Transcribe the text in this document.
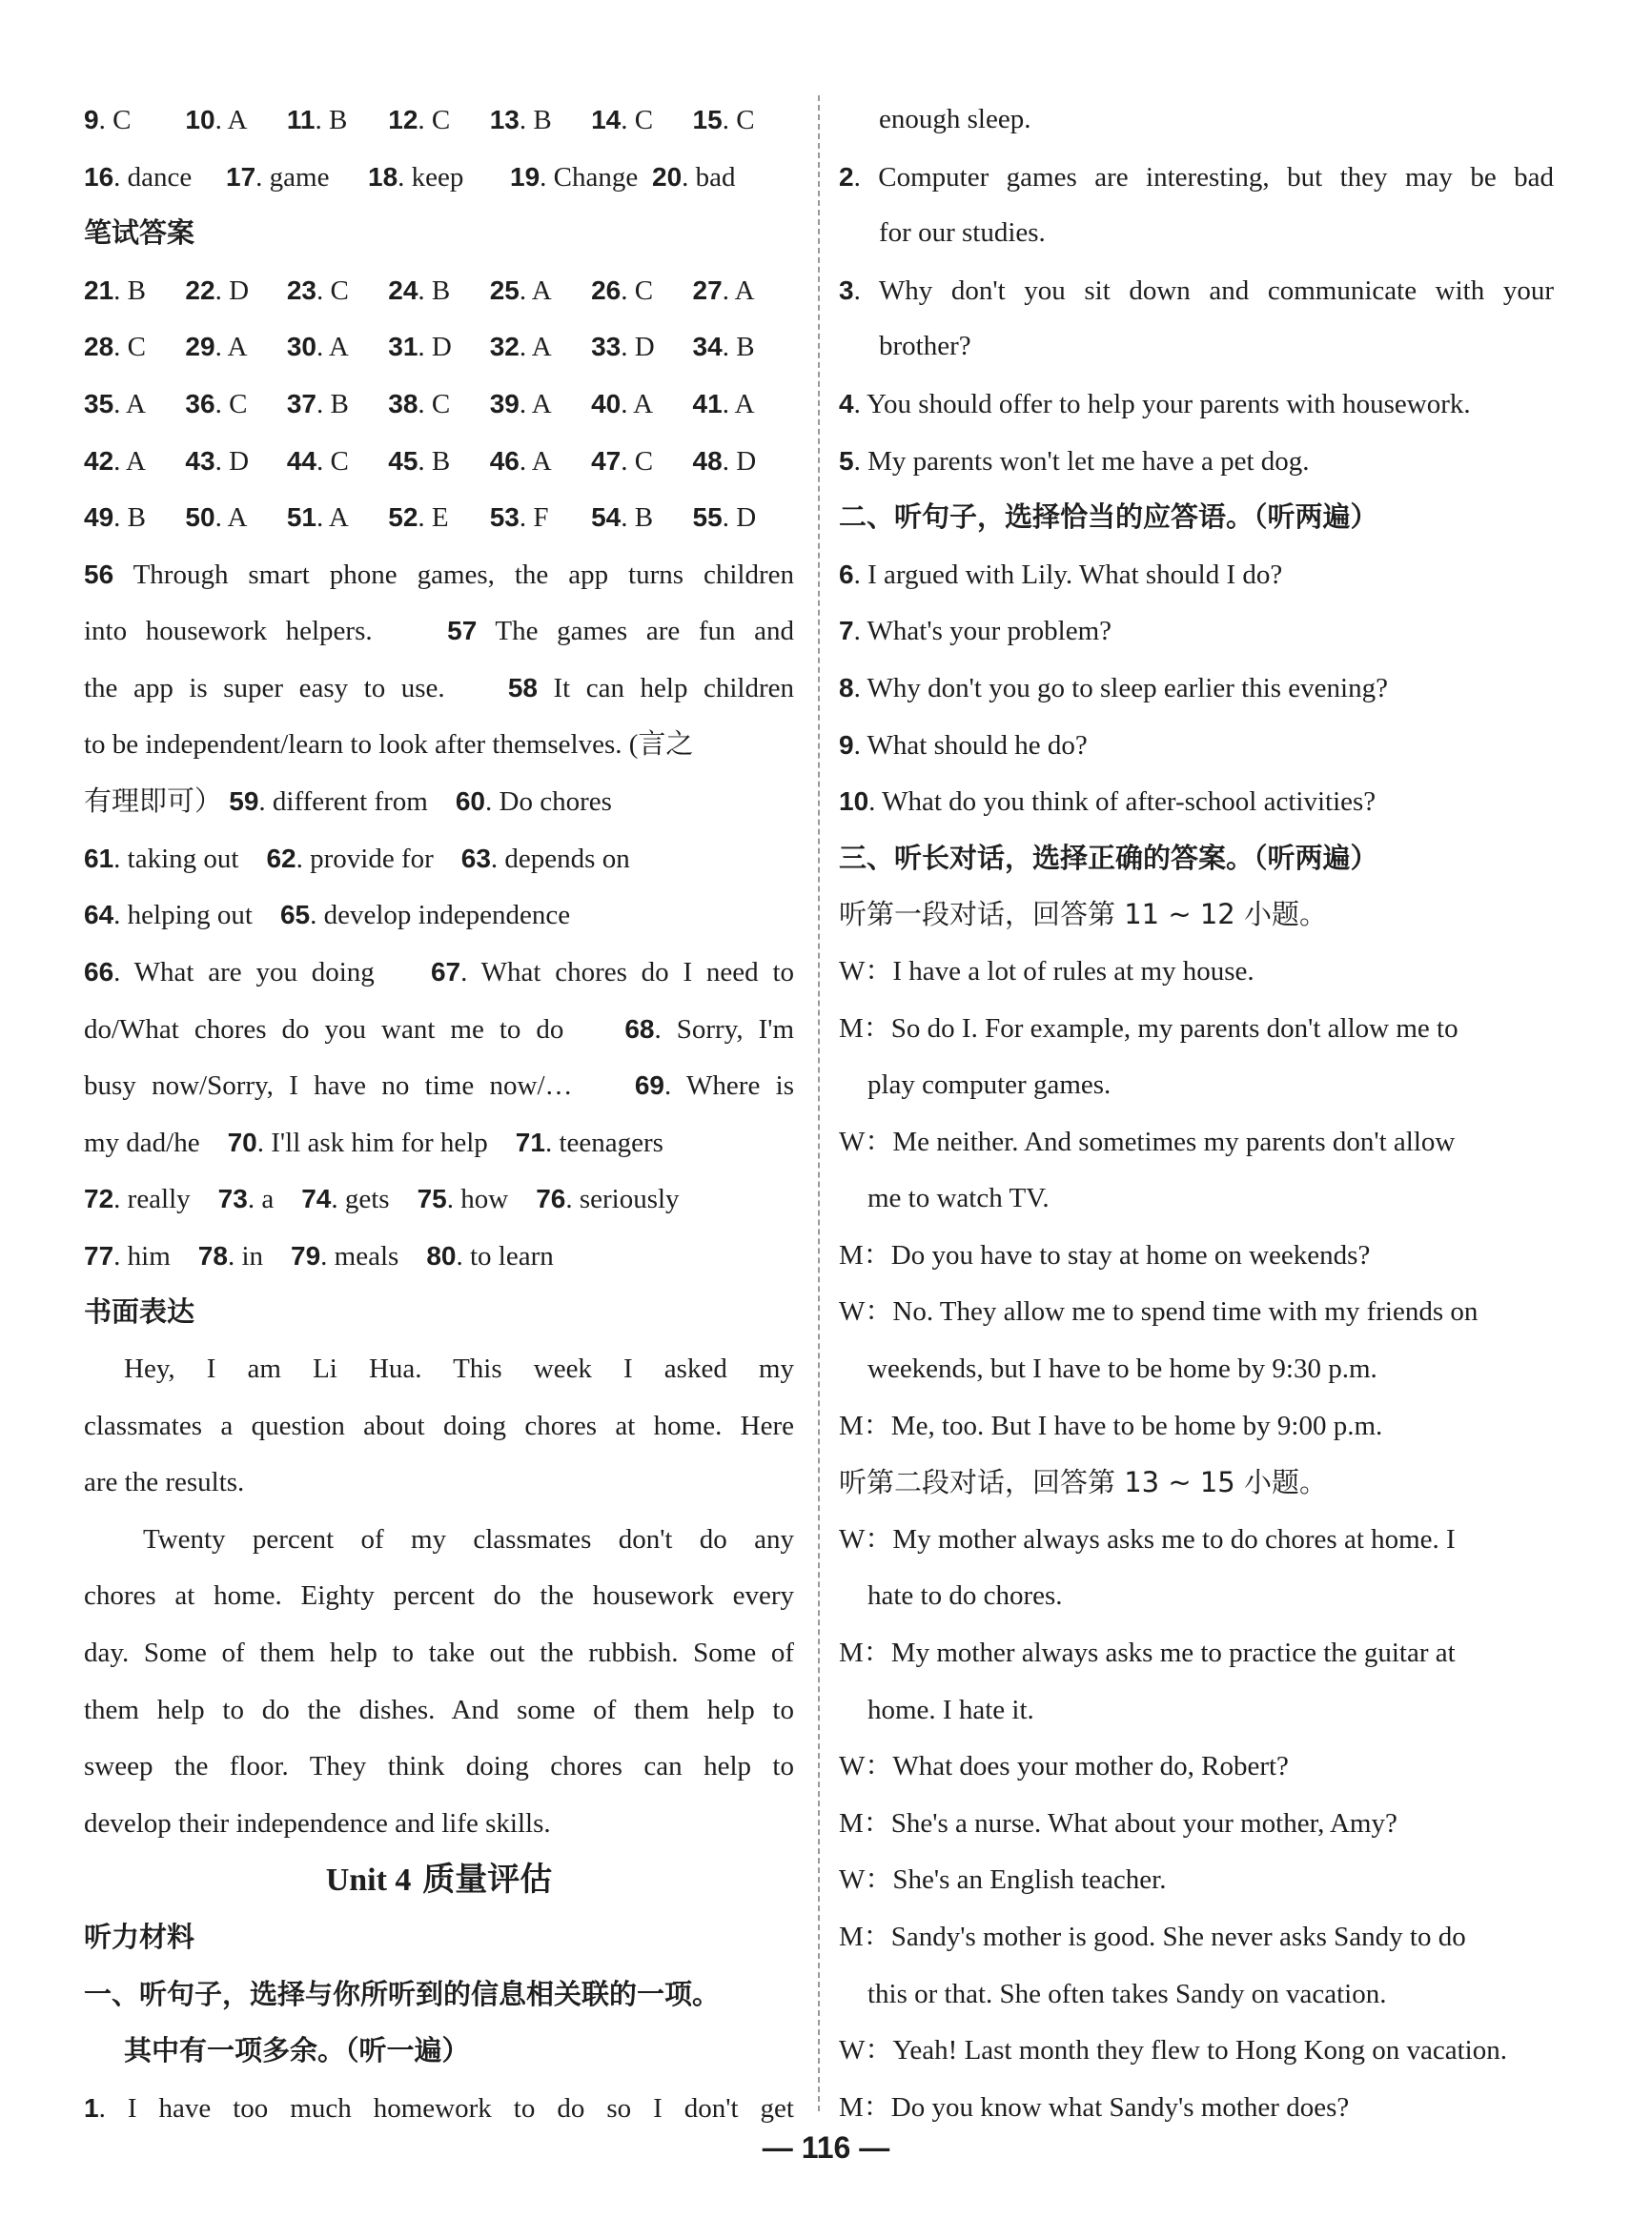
9. C	10. A	11. B	12. C	13. B	14. C	15. C
16. dance	17. game	18. keep	19. Change 20. bad
笔试答案
21. B	22. D	23. C	24. B	25. A	26. C	27. A
28. C	29. A	30. A	31. D	32. A	33. D	34. B
35. A	36. C	37. B	38. C	39. A	40. A	41. A
42. A	43. D	44. C	45. B	46. A	47. C	48. D
49. B	50. A	51. A	52. E	53. F	54. B	55. D
56 Through smart phone games, the app turns children
into housework helpers.	57 The games are fun and
the app is super easy to use. 58 It can help children
to be independent/learn to look after themselves. (言之
有理即可） 59. different from 60. Do chores
61. taking out 62. provide for 63. depends on
64. helping out 65. develop independence
66. What are you doing 67. What chores do I need to
do/What chores do you want me to do 68. Sorry, I'm
busy now/Sorry, I have no time now/… 69. Where is
my dad/he 70. I'll ask him for help 71. teenagers
72. really 73. a 74. gets 75. how 76. seriously
77. him 78. in 79. meals 80. to learn
书面表达
Hey, I am Li Hua. This week I asked my
classmates a question about doing chores at home. Here
are the results.
Twenty percent of my classmates don't do any
chores at home. Eighty percent do the housework every
day. Some of them help to take out the rubbish. Some of
them help to do the dishes. And some of them help to
sweep the floor. They think doing chores can help to
develop their independence and life skills.
Unit 4 质量评估
听力材料
一、听句子，选择与你所听到的信息相关联的一项。
其中有一项多余。（听一遍）
1. I have too much homework to do so I don't get
enough sleep.
2. Computer games are interesting, but they may be bad
for our studies.
3. Why don't you sit down and communicate with your
brother?
4. You should offer to help your parents with housework.
5. My parents won't let me have a pet dog.
二、听句子，选择恰当的应答语。（听两遍）
6. I argued with Lily. What should I do?
7. What's your problem?
8. Why don't you go to sleep earlier this evening?
9. What should he do?
10. What do you think of after-school activities?
三、听长对话，选择正确的答案。（听两遍）
听第一段对话，回答第 11 ~ 12 小题。
W：I have a lot of rules at my house.
M：So do I. For example, my parents don't allow me to
play computer games.
W：Me neither. And sometimes my parents don't allow
me to watch TV.
M：Do you have to stay at home on weekends?
W：No. They allow me to spend time with my friends on
weekends, but I have to be home by 9:30 p.m.
M：Me, too. But I have to be home by 9:00 p.m.
听第二段对话，回答第 13 ~ 15 小题。
W：My mother always asks me to do chores at home. I
hate to do chores.
M：My mother always asks me to practice the guitar at
home. I hate it.
W：What does your mother do, Robert?
M：She's a nurse. What about your mother, Amy?
W：She's an English teacher.
M：Sandy's mother is good. She never asks Sandy to do
this or that. She often takes Sandy on vacation.
W：Yeah! Last month they flew to Hong Kong on vacation.
M：Do you know what Sandy's mother does?
— 116 —
